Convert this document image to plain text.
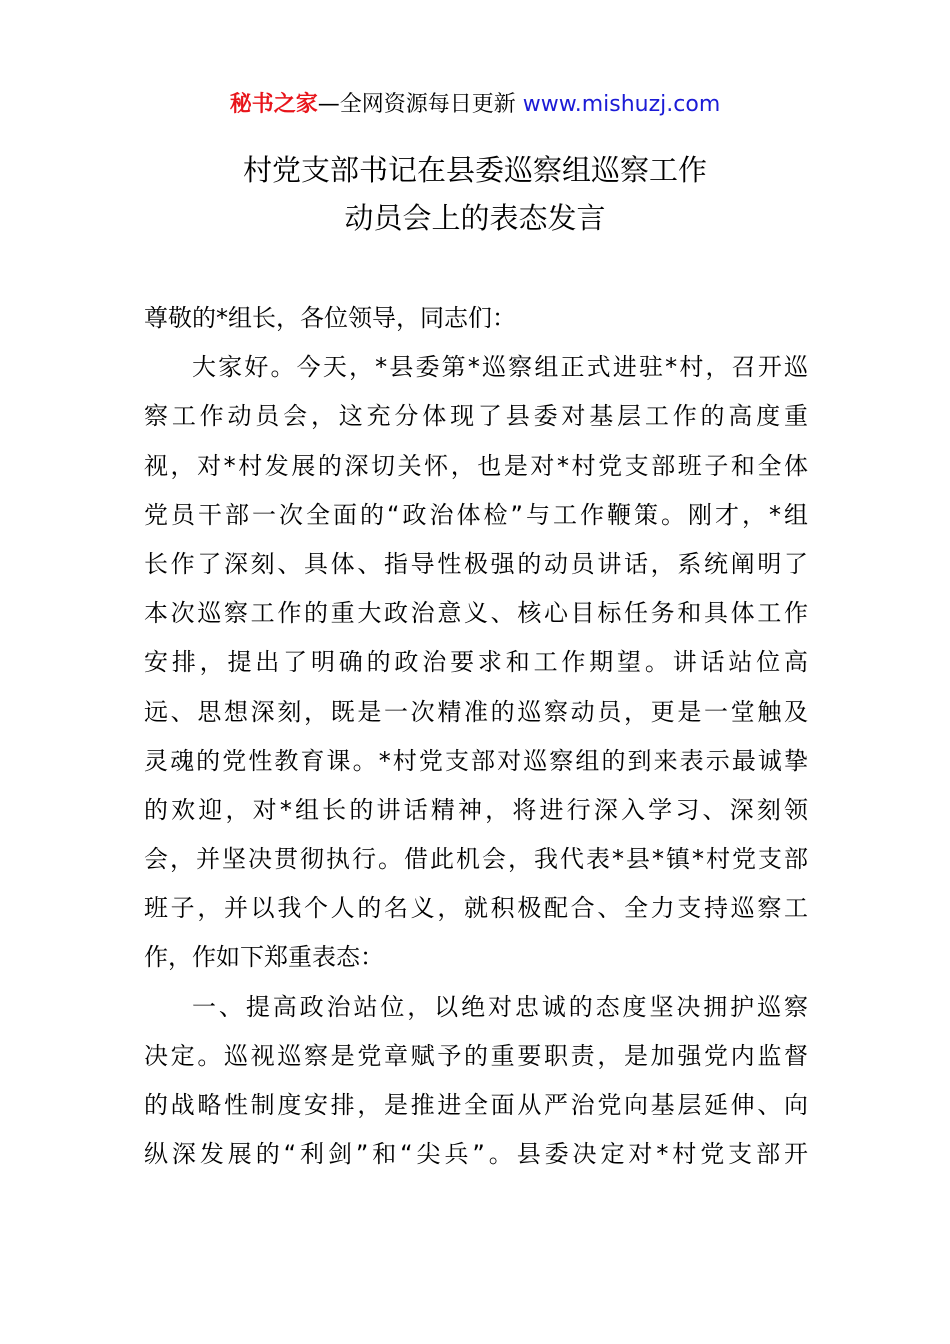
秘书之家—全网资源每日更新 www.mishuzj.com
村党支部书记在县委巡察组巡察工作
动员会上的表态发言
尊敬的*组长，各位领导，同志们：
大家好。今天，*县委第*巡察组正式进驻*村，召开巡
察工作动员会，这充分体现了县委对基层工作的高度重
视，对*村发展的深切关怀，也是对*村党支部班子和全体
党员干部一次全面的“政治体检”与工作鞭策。刚才，*组
长作了深刻、具体、指导性极强的动员讲话，系统阐明了
本次巡察工作的重大政治意义、核心目标任务和具体工作
安排，提出了明确的政治要求和工作期望。讲话站位高
远、思想深刻，既是一次精准的巡察动员，更是一堂触及
灵魂的党性教育课。*村党支部对巡察组的到来表示最诚挚
的欢迎，对*组长的讲话精神，将进行深入学习、深刻领
会，并坚决贯彻执行。借此机会，我代表*县*镇*村党支部
班子，并以我个人的名义，就积极配合、全力支持巡察工
作，作如下郑重表态：
一、提高政治站位，以绝对忠诚的态度坚决拥护巡察
决定。巡视巡察是党章赋予的重要职责，是加强党内监督
的战略性制度安排，是推进全面从严治党向基层延伸、向
纵深发展的“利剑”和“尖兵”。县委决定对*村党支部开
